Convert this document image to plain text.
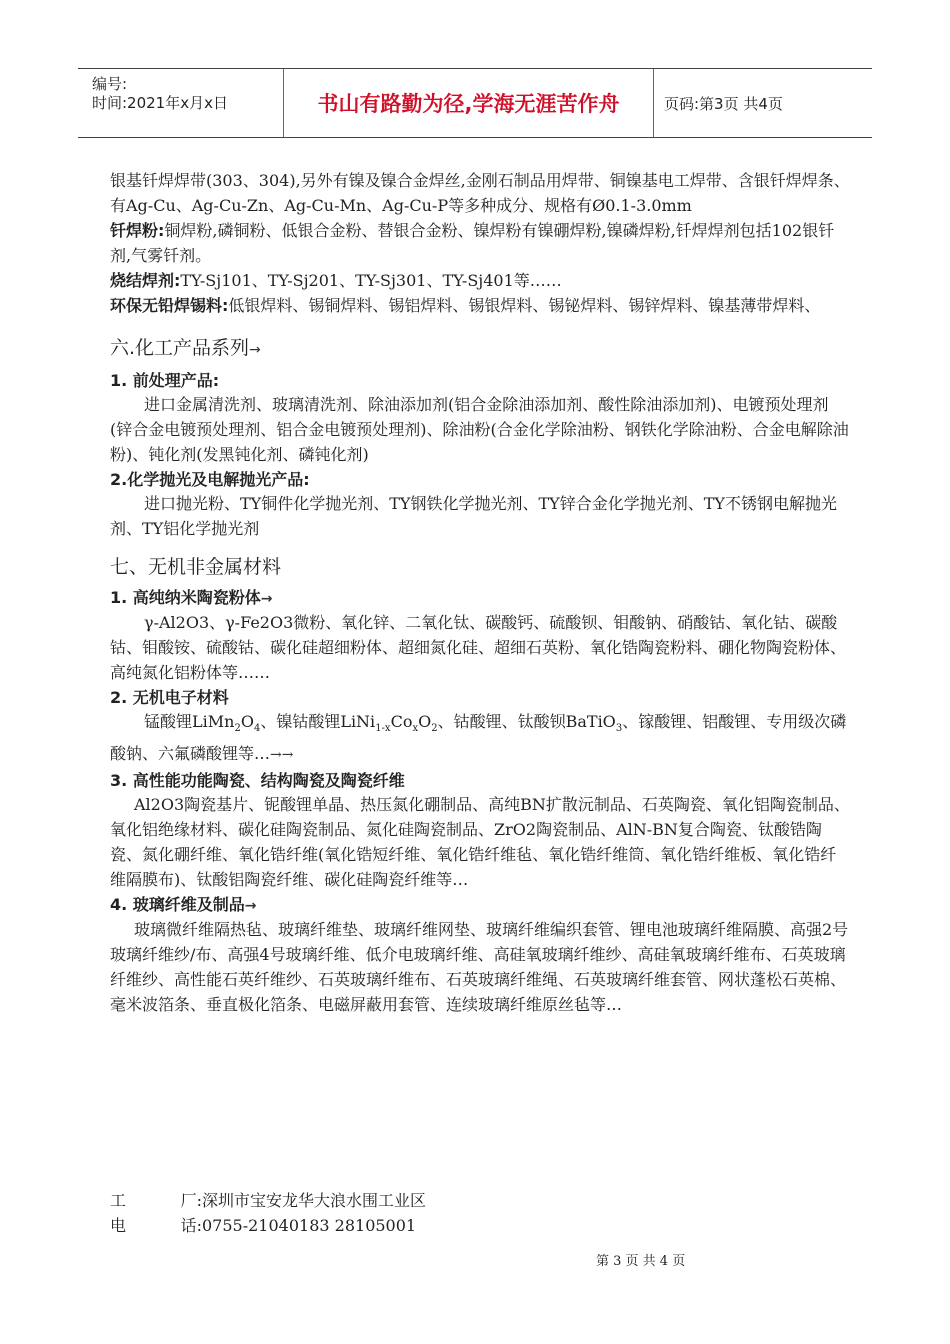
编号:
时间:2021年x月x日	书山有路勤为径,学海无涯苦作舟	页码:第3页 共4页

银基钎焊焊带(303、304),另外有镍及镍合金焊丝,金刚石制品用焊带、铜镍基电工焊带、含银钎焊焊条、有Ag-Cu、Ag-Cu-Zn、Ag-Cu-Mn、Ag-Cu-P等多种成分、规格有Ø0.1-3.0mm

钎焊粉:铜焊粉,磷铜粉、低银合金粉、替银合金粉、镍焊粉有镍硼焊粉,镍磷焊粉,钎焊焊剂包括102银钎剂,气雾钎剂。

烧结焊剂:TY-Sj101、TY-Sj201、TY-Sj301、TY-Sj401等……

环保无铅焊锡料:低银焊料、锡铜焊料、锡铝焊料、锡银焊料、锡铋焊料、锡锌焊料、镍基薄带焊料、

六.化工产品系列→

1. 前处理产品:

进口金属清洗剂、玻璃清洗剂、除油添加剂(铝合金除油添加剂、酸性除油添加剂)、电镀预处理剂(锌合金电镀预处理剂、铝合金电镀预处理剂)、除油粉(合金化学除油粉、钢铁化学除油粉、合金电解除油粉)、钝化剂(发黑钝化剂、磷钝化剂)

2.化学抛光及电解抛光产品:

进口抛光粉、TY铜件化学抛光剂、TY钢铁化学抛光剂、TY锌合金化学抛光剂、TY不锈钢电解抛光剂、TY铝化学抛光剂

七、无机非金属材料

1. 高纯纳米陶瓷粉体→

γ-Al2O3、γ-Fe2O3微粉、氧化锌、二氧化钛、碳酸钙、硫酸钡、钼酸钠、硝酸钴、氧化钴、碳酸钴、钼酸铵、硫酸钴、碳化硅超细粉体、超细氮化硅、超细石英粉、氧化锆陶瓷粉料、硼化物陶瓷粉体、高纯氮化铝粉体等……

2. 无机电子材料

锰酸锂$LiMn_2O_4$、镍钴酸锂$LiNi_{1-x}Co_xO_2$、钴酸锂、钛酸钡BaTiO$_3$、镓酸锂、铝酸锂、专用级次磷酸钠、六氟磷酸锂等…→→

3. 高性能功能陶瓷、结构陶瓷及陶瓷纤维

Al2O3陶瓷基片、铌酸锂单晶、热压氮化硼制品、高纯BN扩散沅制品、石英陶瓷、氧化铝陶瓷制品、氧化铝绝缘材料、碳化硅陶瓷制品、氮化硅陶瓷制品、ZrO2陶瓷制品、AlN-BN复合陶瓷、钛酸锆陶瓷、氮化硼纤维、氧化锆纤维(氧化锆短纤维、氧化锆纤维毡、氧化锆纤维筒、氧化锆纤维板、氧化锆纤维隔膜布)、钛酸铝陶瓷纤维、碳化硅陶瓷纤维等…

4. 玻璃纤维及制品→

玻璃微纤维隔热毡、玻璃纤维垫、玻璃纤维网垫、玻璃纤维编织套管、锂电池玻璃纤维隔膜、高强2号玻璃纤维纱/布、高强4号玻璃纤维、低介电玻璃纤维、高硅氧玻璃纤维纱、高硅氧玻璃纤维布、石英玻璃纤维纱、高性能石英纤维纱、石英玻璃纤维布、石英玻璃纤维绳、石英玻璃纤维套管、网状蓬松石英棉、毫米波箔条、垂直极化箔条、电磁屏蔽用套管、连续玻璃纤维原丝毡等…

工	厂: 深圳市宝安龙华大浪水围工业区
电	话: 0755-21040183 28105001
第 3 页 共 4 页
